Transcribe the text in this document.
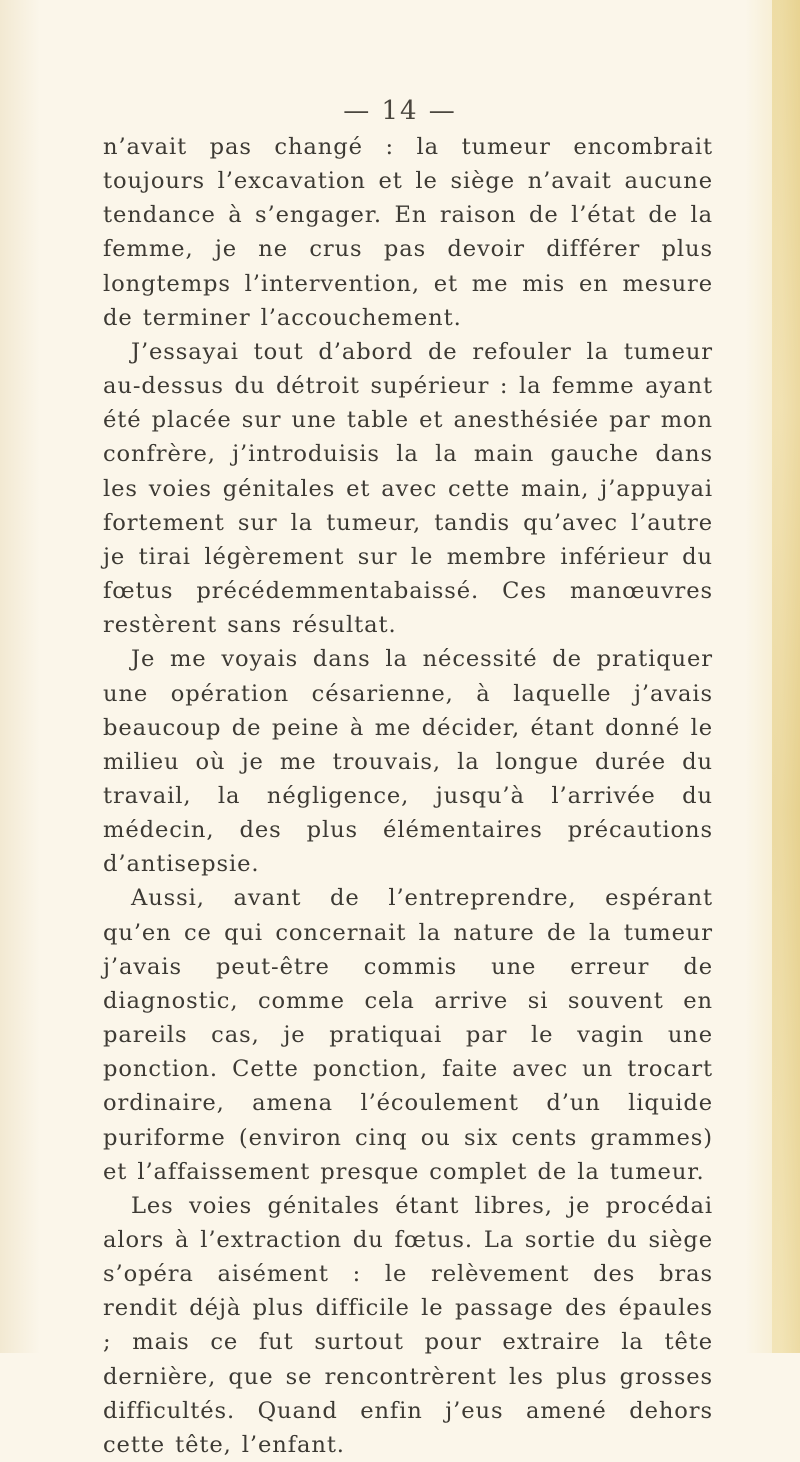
— 14 —

n’avait pas changé : la tumeur encombrait toujours l’excavation et le siège n’avait aucune tendance à s’engager. En raison de l’état de la femme, je ne crus pas devoir différer plus longtemps l’intervention, et me mis en mesure de terminer l’accouchement.

J’essayai tout d’abord de refouler la tumeur au-dessus du détroit supérieur : la femme ayant été placée sur une table et anesthésiée par mon confrère, j’introduisis la la main gauche dans les voies génitales et avec cette main, j’appuyai fortement sur la tumeur, tandis qu’avec l’autre je tirai légèrement sur le membre inférieur du fœtus précédemmentabaissé. Ces manœuvres restèrent sans résultat.

Je me voyais dans la nécessité de pratiquer une opération césarienne, à laquelle j’avais beaucoup de peine à me décider, étant donné le milieu où je me trouvais, la longue durée du travail, la négligence, jusqu’à l’arrivée du médecin, des plus élémentaires précautions d’antisepsie.

Aussi, avant de l’entreprendre, espérant qu’en ce qui concernait la nature de la tumeur j’avais peut-être commis une erreur de diagnostic, comme cela arrive si souvent en pareils cas, je pratiquai par le vagin une ponction. Cette ponction, faite avec un trocart ordinaire, amena l’écoulement d’un liquide puriforme (environ cinq ou six cents grammes) et l’affaissement presque complet de la tumeur.

Les voies génitales étant libres, je procédai alors à l’extraction du fœtus. La sortie du siège s’opéra aisément : le relèvement des bras rendit déjà plus difficile le passage des épaules ; mais ce fut surtout pour extraire la tête dernière, que se rencontrèrent les plus grosses difficultés. Quand enfin j’eus amené dehors cette tête, l’enfant.
